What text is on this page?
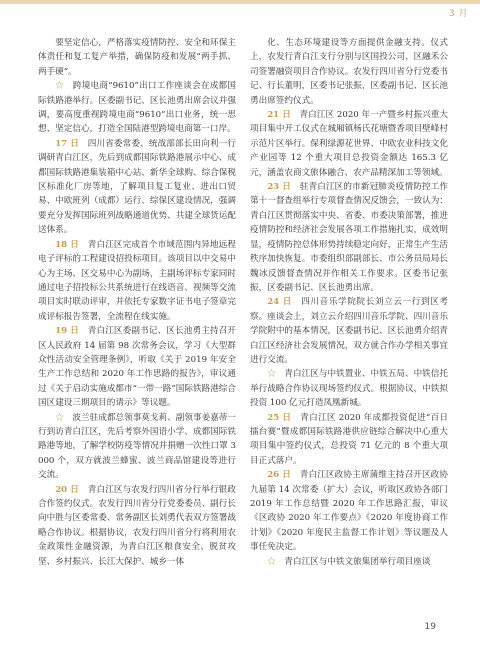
3 月

要坚定信心，严格落实疫情防控、安全和环保主体责任和复工复产举措，确保防疫和发展“两手抓、两手硬”。

☆  跨境电商“9610”出口工作座谈会在成都国际铁路港举行。区委副书记、区长池勇出席会议并强调，要高度重视跨境电商“9610”出口业务，统一思想、坚定信心，打造全国陆港型跨境电商第一口岸。

17 日  四川省委常委、统战部部长田向利一行调研青白江区，先后到成都国际铁路港展示中心、成都国际铁路港集装箱中心站、新华全球购、综合保税区标准化厂房等地，了解项目复工复业、进出口贸易、中欧班列（成都）运行、综保区建设情况，强调要充分发挥国际班列战略通道优势、共建全球货运配送体系。

18 日  青白江区完成首个市域范围内异地远程电子评标的工程建设招投标项目。该项目以中交易中心为主场、区交易中心为副场，主副场评标专家同时通过电子招投标公共系统进行在线语音、视频等交流项目实时联动评审，并依托专家数字证书电子签章完成评标报告签署，全流程在线实施。

19 日  青白江区委副书记、区长池勇主持召开区人民政府 14 届第 98 次常务会议，学习《大型群众性活动安全管理条例》，听取《关于 2019 年安全生产工作总结和 2020 年工作思路的报告》，审议通过《关于启动实施成都市“一带一路”国际铁路港综合国区建设三期项目的请示》等议题。

☆  波兰驻成都总领事莫戈莉、副领事姜嘉蒂一行到访青白江区，先后考察外国语小学、成都国际铁路港等地，了解学校防疫等情况并捐赠一次性口罩 3 000 个，双方就波兰蜂蜜、波兰商品馆建设等进行交流。

20 日  青白江区与农发行四川省分行举行银政合作签约仪式。农发行四川省分行党委委员、副行长向中胜与区委常委、常务副区长刘勇代表双方签署战略合作协议。根据协议，农发行四川省分行将利用农金政策性金融资源，为青白江区粮食安全、脱贫攻坚、乡村振兴、长江大保护、城乡一体

化、生态环境建设等方面提供金融支持。仪式上，农发行青白江支行分别与区国投公司、区融禾公司签署融资项目合作协议。农发行四川省分行党委书记、行长董明，区委书记张振，区委副书记、区长池勇出席签约仪式。

21 日  青白江区 2020 年一产暨乡村振兴重大项目集中开工仪式在城厢镇杨氏花塘暨香项目壁峰村示范片区举行。保利绿源花世界、中欧农业科技文化产业园等 12 个重大项目总投资金额达 165.3 亿元，涵盖农商文旅体融合、农产品精深加工等领域。

23 日  驻青白江区的市新冠肺炎疫情防控工作第十一督查组举行专项督查情况反馈会，一致认为：青白江区贯彻落实中央、省委、市委决策部署，推进疫情防控和经济社会发展各项工作措施扎实，成效明显，疫情防控总体形势持续稳定向好，正常生产生活秩序加快恢复。市委组织部副部长、市公务员局局长魏冰反馈督查情况并作相关工作要求。区委书记张振，区委副书记、区长池勇出席。

24 日  四川音乐学院院长刘立云一行到区考察。座谈会上，刘立云介绍四川音乐学院、四川音乐学院附中的基本情况，区委副书记、区长池勇介绍青白江区经济社会发展情况，双方就合作办学相关事宜进行交流。

☆  青白江区与中铁置业、中铁五局、中铁信托举行战略合作协议现场签约仪式。根据协议，中铁拟投资 100 亿元打造凤凰新城。

25 日  青白江区 2020 年成都投资促进“百日擂台赛”暨成都国际铁路港供应链综合解决中心重大项目集中签约仪式，总投资 71 亿元的 8 个重大项目正式落户。

26 日  青白江区政协主席蒲维主持召开区政协九届第 14 次常委（扩大）会议，听取区政协各部门 2019 年工作总结暨 2020 年工作思路汇报，审议《区政协 2020 年工作要点》《2020 年度协商工作计划》《2020 年度民主监督工作计划》等议题及人事任免决定。

☆  青白江区与中铁文旅集团举行项目座谈

19
